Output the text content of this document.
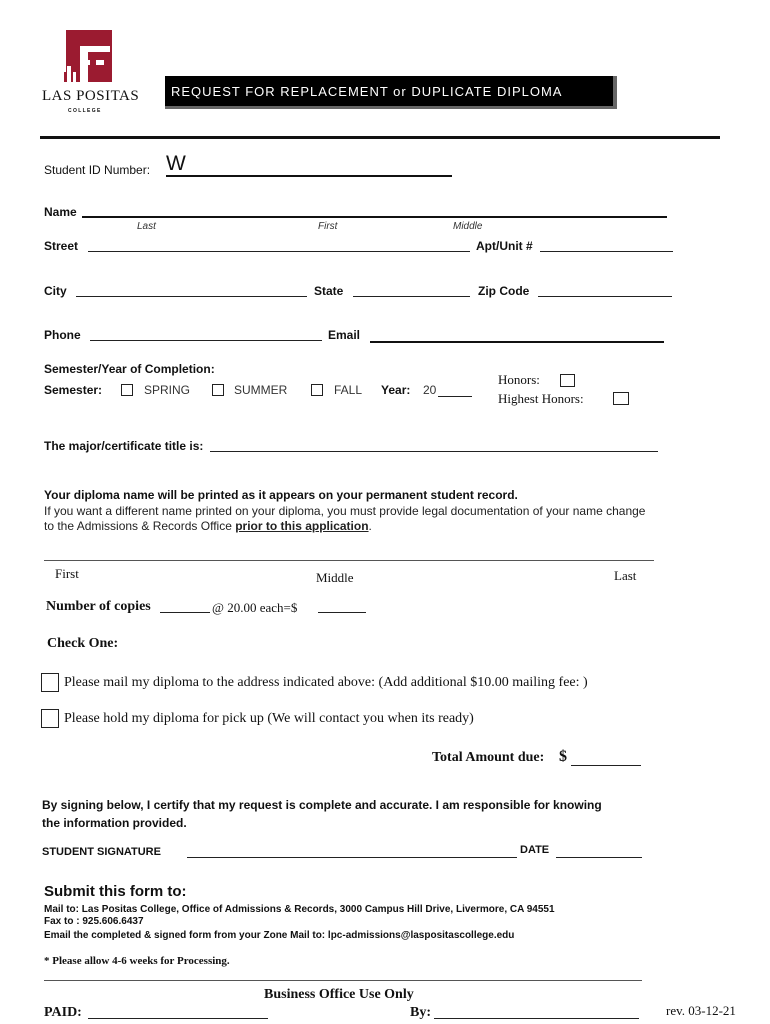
LAS POSITAS
C O L L E G E
REQUEST FOR REPLACEMENT or DUPLICATE DIPLOMA
Student ID Number: W
Name
Last	First	Middle
Street	Apt/Unit #
City	State	Zip Code
Phone	Email
Semester/Year of Completion:
Semester:	SPRING	SUMMER	FALL Year: 20
Honors:
Highest Honors:
The major/certificate title is:
Your diploma name will be printed as it appears on your permanent student record.
If you want a different name printed on your diploma, you must provide legal documentation of your name change
to the Admissions & Records Office prior to this application.
First	Middle	Last
Number of copies	@ 20.00 each=$
Check One:
Please mail my diploma to the address indicated above: (Add additional $10.00 mailing fee: )
Please hold my diploma for pick up (We will contact you when its ready)
Total Amount due: $
By signing below, I certify that my request is complete and accurate. I am responsible for knowing
the information provided.
STUDENT SIGNATURE	DATE
Submit this form to:
Mail to: Las Positas College, Office of Admissions & Records, 3000 Campus Hill Drive, Livermore, CA 94551
Fax to : 925.606.6437
Email the completed & signed form from your Zone Mail to: lpc-admissions@laspositascollege.edu
* Please allow 4-6 weeks for Processing.
Business Office Use Only
PAID:	By:	rev. 03-12-21
